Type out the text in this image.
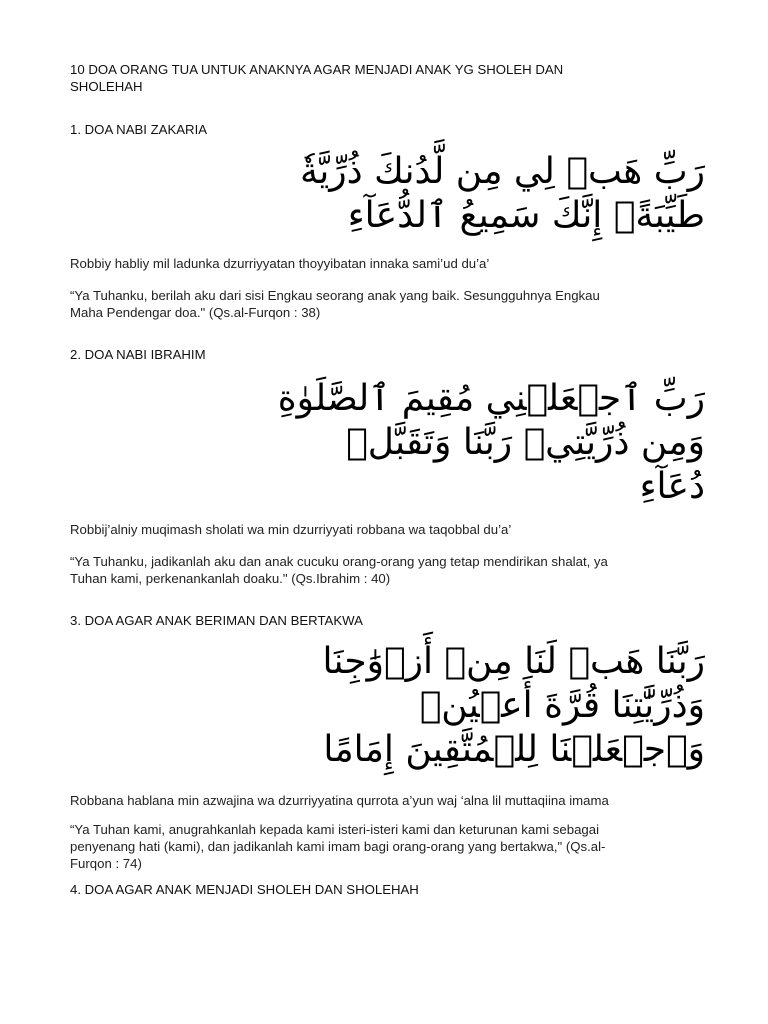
10 DOA ORANG TUA UNTUK ANAKNYA AGAR MENJADI ANAK YG SHOLEH DAN
SHOLEHAH

1. DOA NABI ZAKARIA
رَبِّ هَبۡ لِي مِن لَّدُنكَ ذُرِّيَّةٗ
طَيِّبَةًۖ إِنَّكَ سَمِيعُ ٱلدُّعَآءِ

Robbiy habliy mil ladunka dzurriyyatan thoyyibatan innaka sami’ud du’a’

“Ya Tuhanku, berilah aku dari sisi Engkau seorang anak yang baik. Sesungguhnya Engkau
Maha Pendengar doa." (Qs.al-Furqon : 38)

2. DOA NABI IBRAHIM
رَبِّ ٱجۡعَلۡنِي مُقِيمَ ٱلصَّلَوٰةِ
وَمِن ذُرِّيَّتِيۚ رَبَّنَا وَتَقَبَّلۡ
دُعَآءِ

Robbij’alniy muqimash sholati wa min dzurriyyati robbana wa taqobbal du’a’

“Ya Tuhanku, jadikanlah aku dan anak cucuku orang-orang yang tetap mendirikan shalat, ya
Tuhan kami, perkenankanlah doaku." (Qs.Ibrahim : 40)

3. DOA AGAR ANAK BERIMAN DAN BERTAKWA
رَبَّنَا هَبۡ لَنَا مِنۡ أَزۡوَٰجِنَا
وَذُرِّيَّٰتِنَا قُرَّةَ أَعۡيُنٖ
وَٱجۡعَلۡنَا لِلۡمُتَّقِينَ إِمَامًا

Robbana hablana min azwajina wa dzurriyyatina qurrota a’yun waj ‘alna lil muttaqiina imama

“Ya Tuhan kami, anugrahkanlah kepada kami isteri-isteri kami dan keturunan kami sebagai
penyenang hati (kami), dan jadikanlah kami imam bagi orang-orang yang bertakwa," (Qs.al-
Furqon : 74)

4. DOA AGAR ANAK MENJADI SHOLEH DAN SHOLEHAH
